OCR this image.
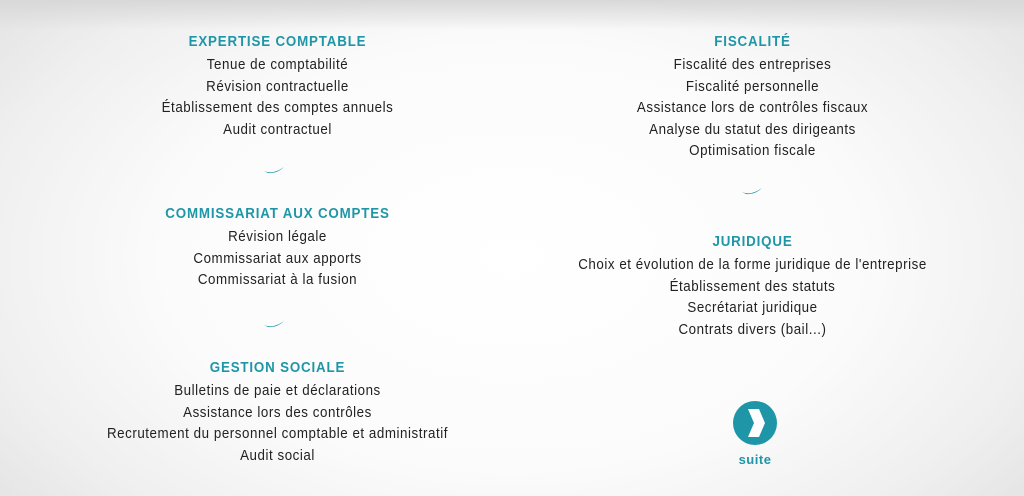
EXPERTISE COMPTABLE
Tenue de comptabilité
Révision contractuelle
Établissement des comptes annuels
Audit contractuel
COMMISSARIAT AUX COMPTES
Révision légale
Commissariat aux apports
Commissariat à la fusion
GESTION SOCIALE
Bulletins de paie et déclarations
Assistance lors des contrôles
Recrutement du personnel comptable et administratif
Audit social
FISCALITÉ
Fiscalité des entreprises
Fiscalité personnelle
Assistance lors de contrôles fiscaux
Analyse du statut des dirigeants
Optimisation fiscale
JURIDIQUE
Choix et évolution de la forme juridique de l'entreprise
Établissement des statuts
Secrétariat juridique
Contrats divers (bail...)
suite
